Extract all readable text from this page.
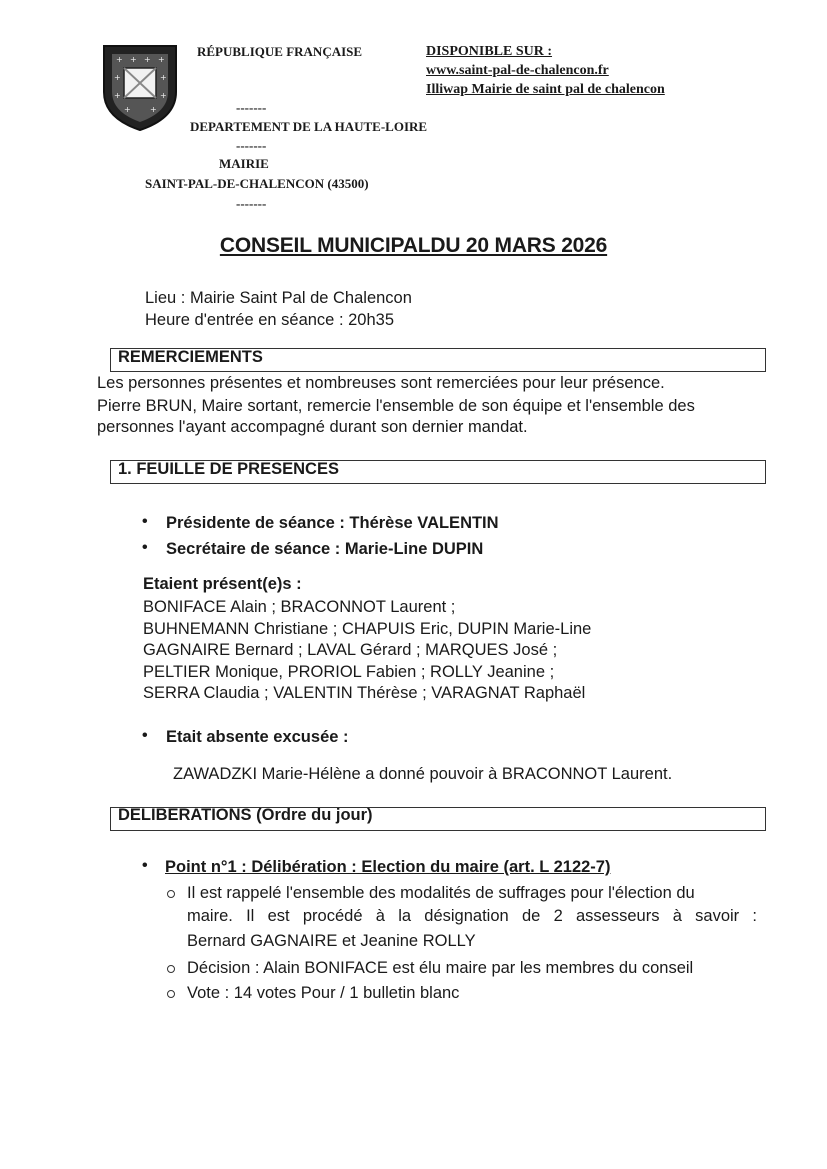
+ + + +
+	+
+	+
+ +
RÉPUBLIQUE FRANÇAISE
-------
DEPARTEMENT DE LA HAUTE-LOIRE
-------
MAIRIE
SAINT-PAL-DE-CHALENCON (43500)
-------
DISPONIBLE SUR :
www.saint-pal-de-chalencon.fr
Illiwap Mairie de saint pal de chalencon
CONSEIL MUNICIPALDU 20 MARS 2026
Lieu : Mairie Saint Pal de Chalencon
Heure d'entrée en séance : 20h35
REMERCIEMENTS
Les personnes présentes et nombreuses sont remerciées pour leur présence.
Pierre BRUN, Maire sortant, remercie l'ensemble de son équipe et l'ensemble des
personnes l'ayant accompagné durant son dernier mandat.
1. FEUILLE DE PRESENCES
• Présidente de séance : Thérèse VALENTIN
• Secrétaire de séance : Marie-Line DUPIN
Etaient présent(e)s :
BONIFACE Alain ; BRACONNOT Laurent ;
BUHNEMANN Christiane ; CHAPUIS Eric, DUPIN Marie-Line
GAGNAIRE Bernard ; LAVAL Gérard ; MARQUES José ;
PELTIER Monique, PRORIOL Fabien ; ROLLY Jeanine ;
SERRA Claudia ; VALENTIN Thérèse ; VARAGNAT Raphaël
• Etait absente excusée :
ZAWADZKI Marie-Hélène a donné pouvoir à BRACONNOT Laurent.
DELIBERATIONS (Ordre du jour)
• Point n°1 : Délibération : Election du maire (art. L 2122-7)
Il est rappelé l'ensemble des modalités de suffrages pour l'élection du
maire. Il est procédé à la désignation de 2 assesseurs à savoir :
Bernard GAGNAIRE et Jeanine ROLLY
Décision : Alain BONIFACE est élu maire par les membres du conseil
Vote : 14 votes Pour / 1 bulletin blanc
